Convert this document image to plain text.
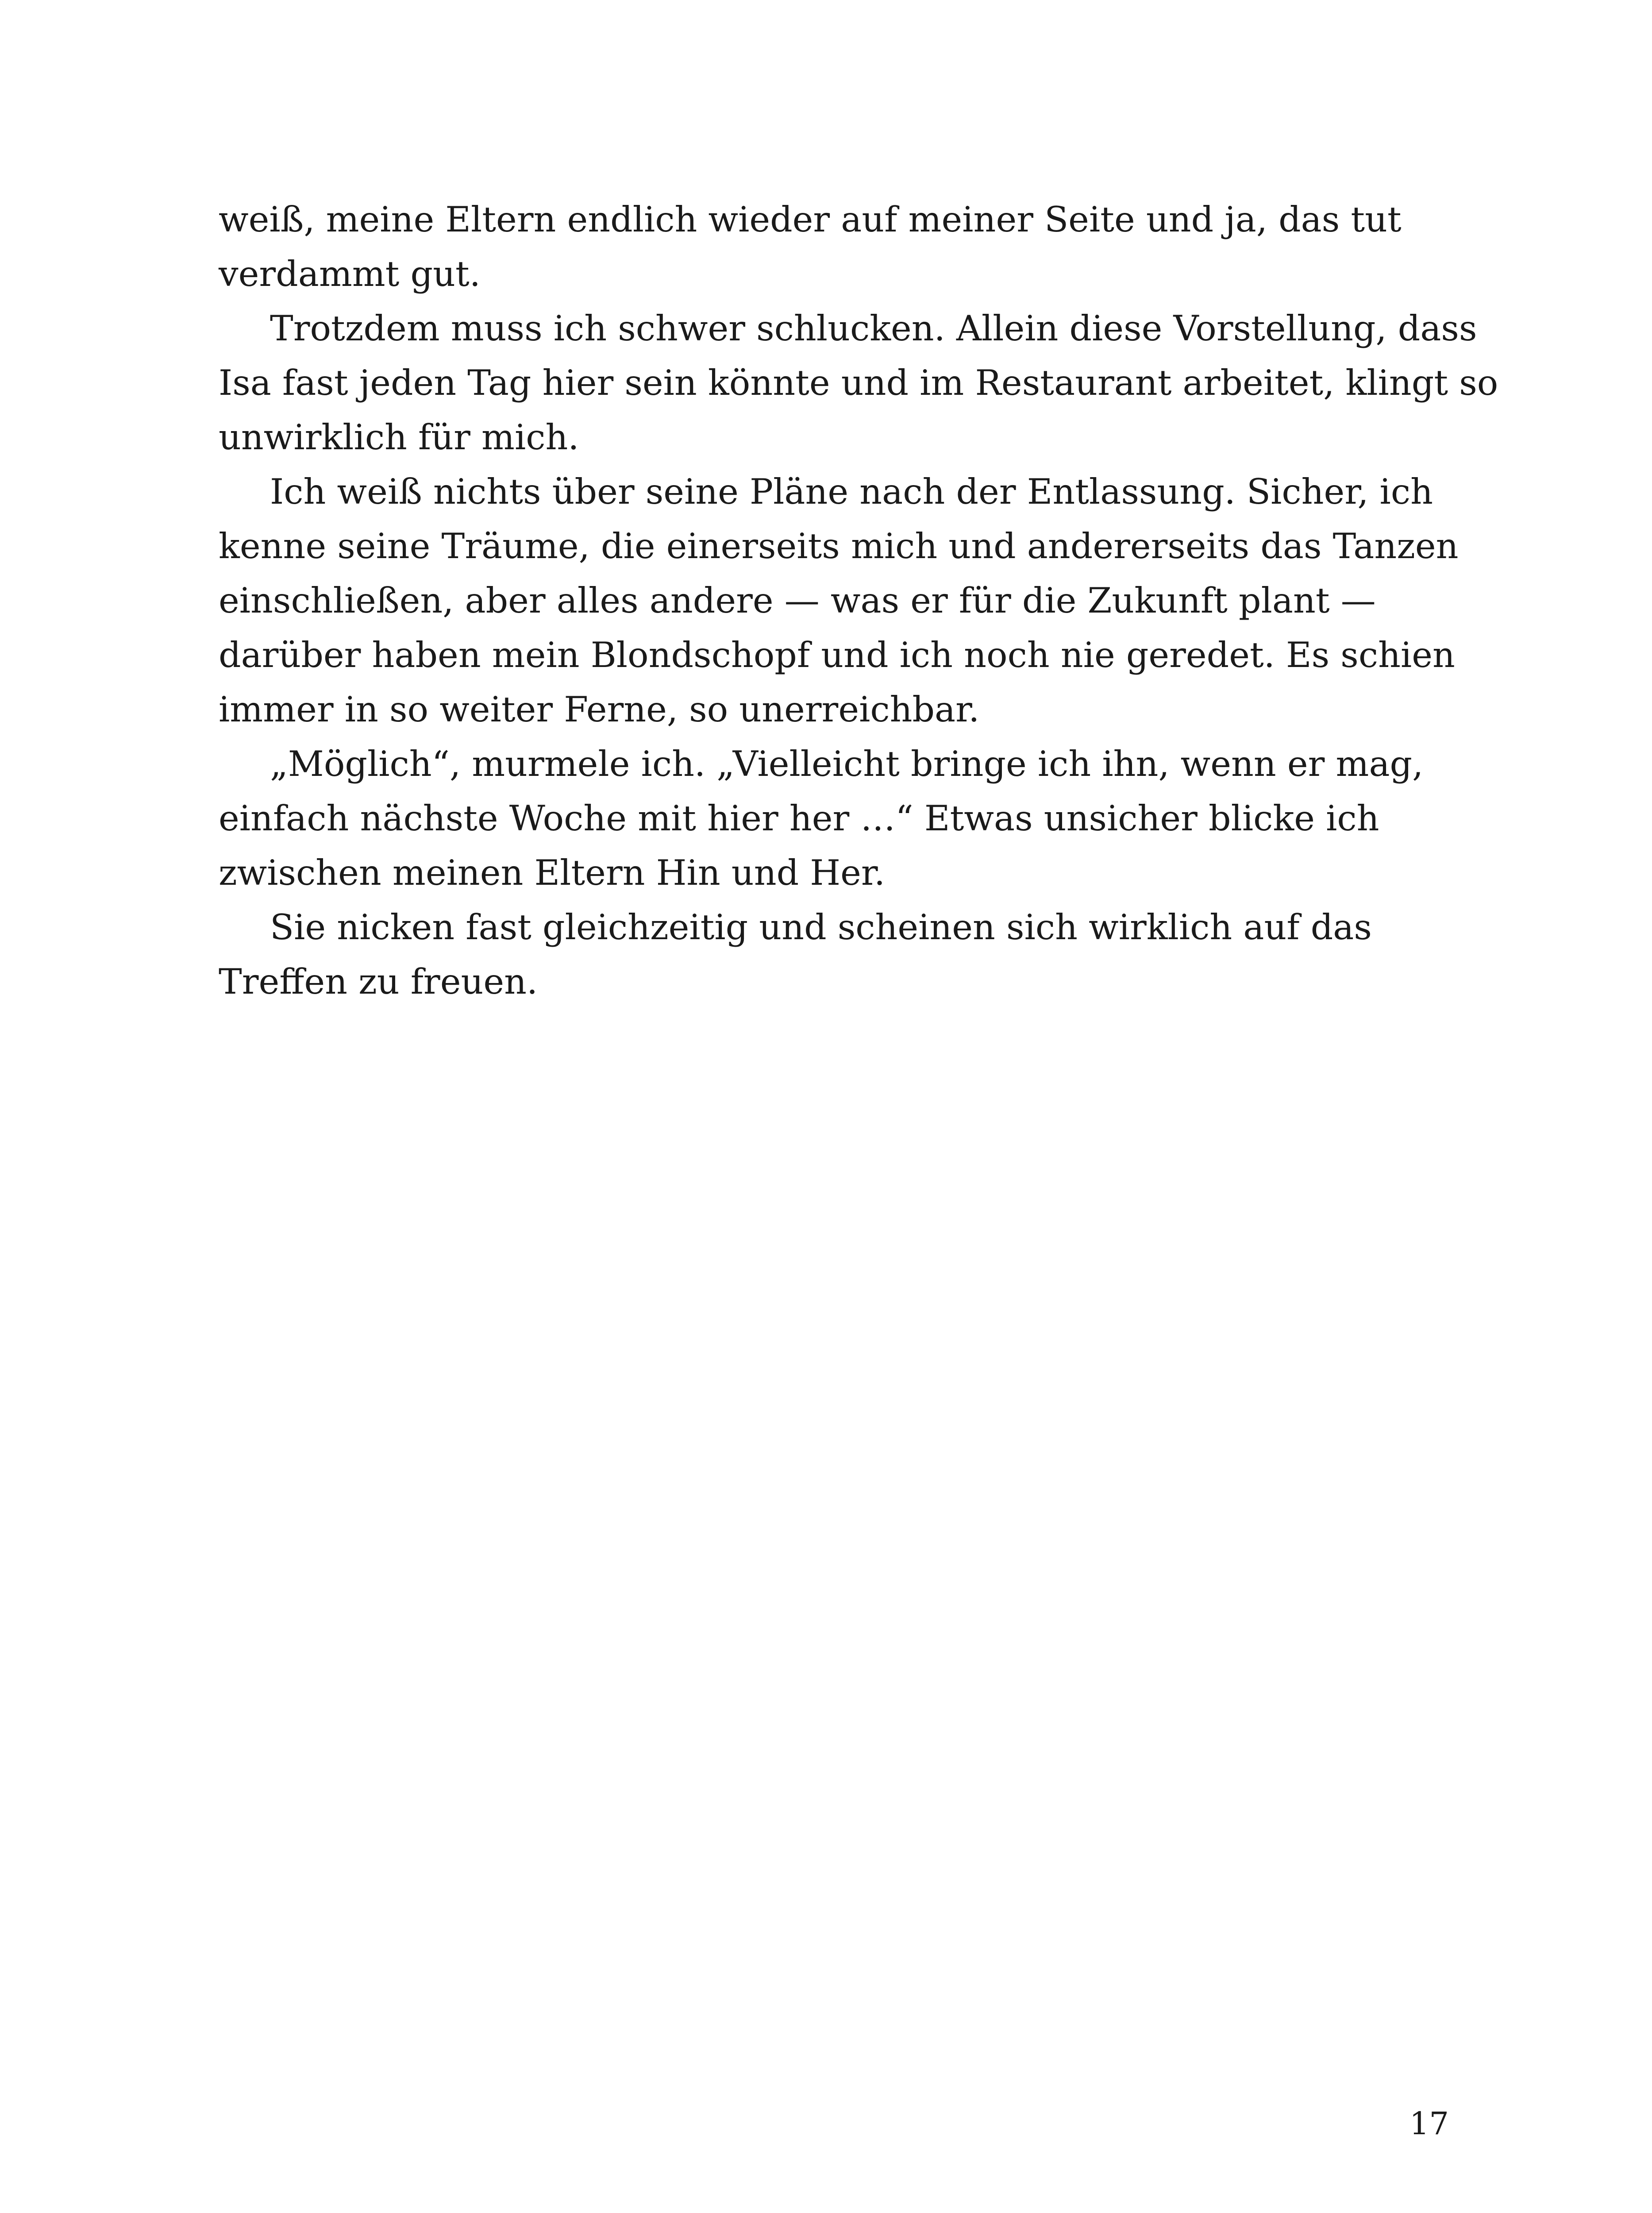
weiß, meine Eltern endlich wieder auf meiner Seite und ja, das tut
verdammt gut.
Trotzdem muss ich schwer schlucken. Allein diese Vorstellung, dass
Isa fast jeden Tag hier sein könnte und im Restaurant arbeitet, klingt so
unwirklich für mich.
Ich weiß nichts über seine Pläne nach der Entlassung. Sicher, ich
kenne seine Träume, die einerseits mich und andererseits das Tanzen
einschließen, aber alles andere — was er für die Zukunft plant —
darüber haben mein Blondschopf und ich noch nie geredet. Es schien
immer in so weiter Ferne, so unerreichbar.
„Möglich“, murmele ich. „Vielleicht bringe ich ihn, wenn er mag,
einfach nächste Woche mit hier her …“ Etwas unsicher blicke ich
zwischen meinen Eltern Hin und Her.
Sie nicken fast gleichzeitig und scheinen sich wirklich auf das
Treffen zu freuen.
17
